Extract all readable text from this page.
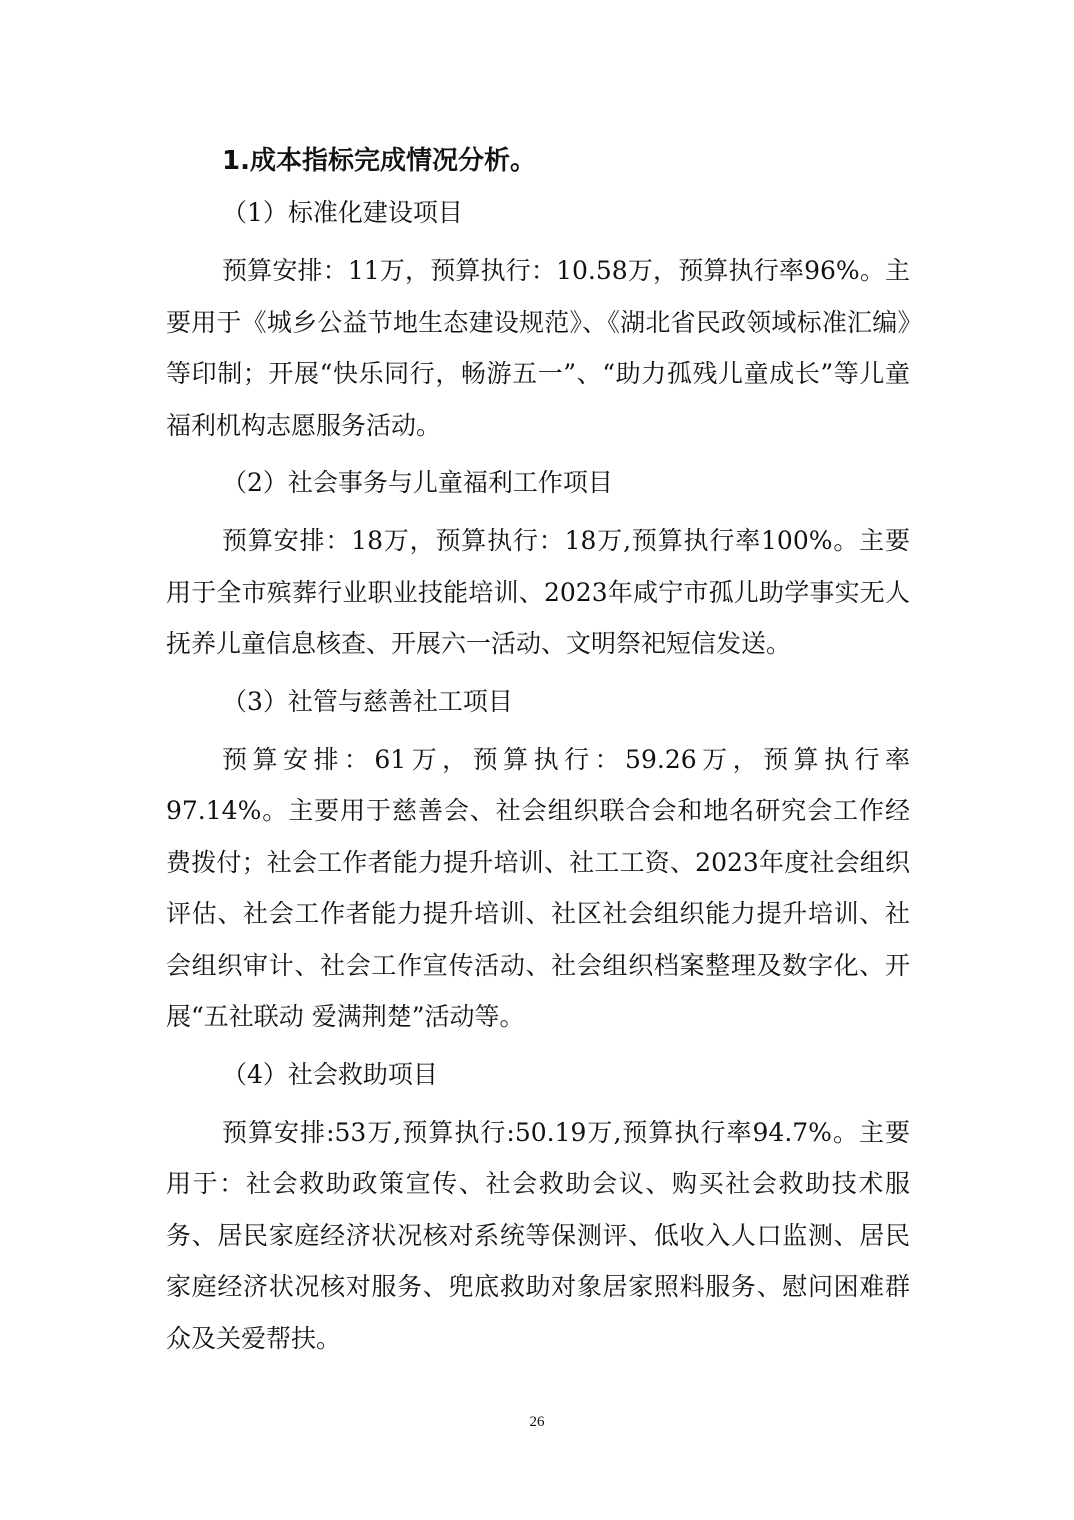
1.成本指标完成情况分析。
（1）标准化建设项目
预算安排：11万，预算执行：10.58万，预算执行率96%。主要用于《城乡公益节地生态建设规范》、《湖北省民政领域标准汇编》等印制；开展“快乐同行，畅游五一”、“助力孤残儿童成长”等儿童福利机构志愿服务活动。
（2）社会事务与儿童福利工作项目
预算安排：18万，预算执行：18万,预算执行率100%。主要用于全市殡葬行业职业技能培训、2023年咸宁市孤儿助学事实无人抚养儿童信息核查、开展六一活动、文明祭祀短信发送。
（3）社管与慈善社工项目
预算安排：61万，预算执行：59.26万，预算执行率97.14%。主要用于慈善会、社会组织联合会和地名研究会工作经费拨付；社会工作者能力提升培训、社工工资、2023年度社会组织评估、社会工作者能力提升培训、社区社会组织能力提升培训、社会组织审计、社会工作宣传活动、社会组织档案整理及数字化、开展“五社联动 爱满荆楚”活动等。
（4）社会救助项目
预算安排:53万,预算执行:50.19万,预算执行率94.7%。主要用于：社会救助政策宣传、社会救助会议、购买社会救助技术服务、居民家庭经济状况核对系统等保测评、低收入人口监测、居民家庭经济状况核对服务、兜底救助对象居家照料服务、慰问困难群众及关爱帮扶。
26
